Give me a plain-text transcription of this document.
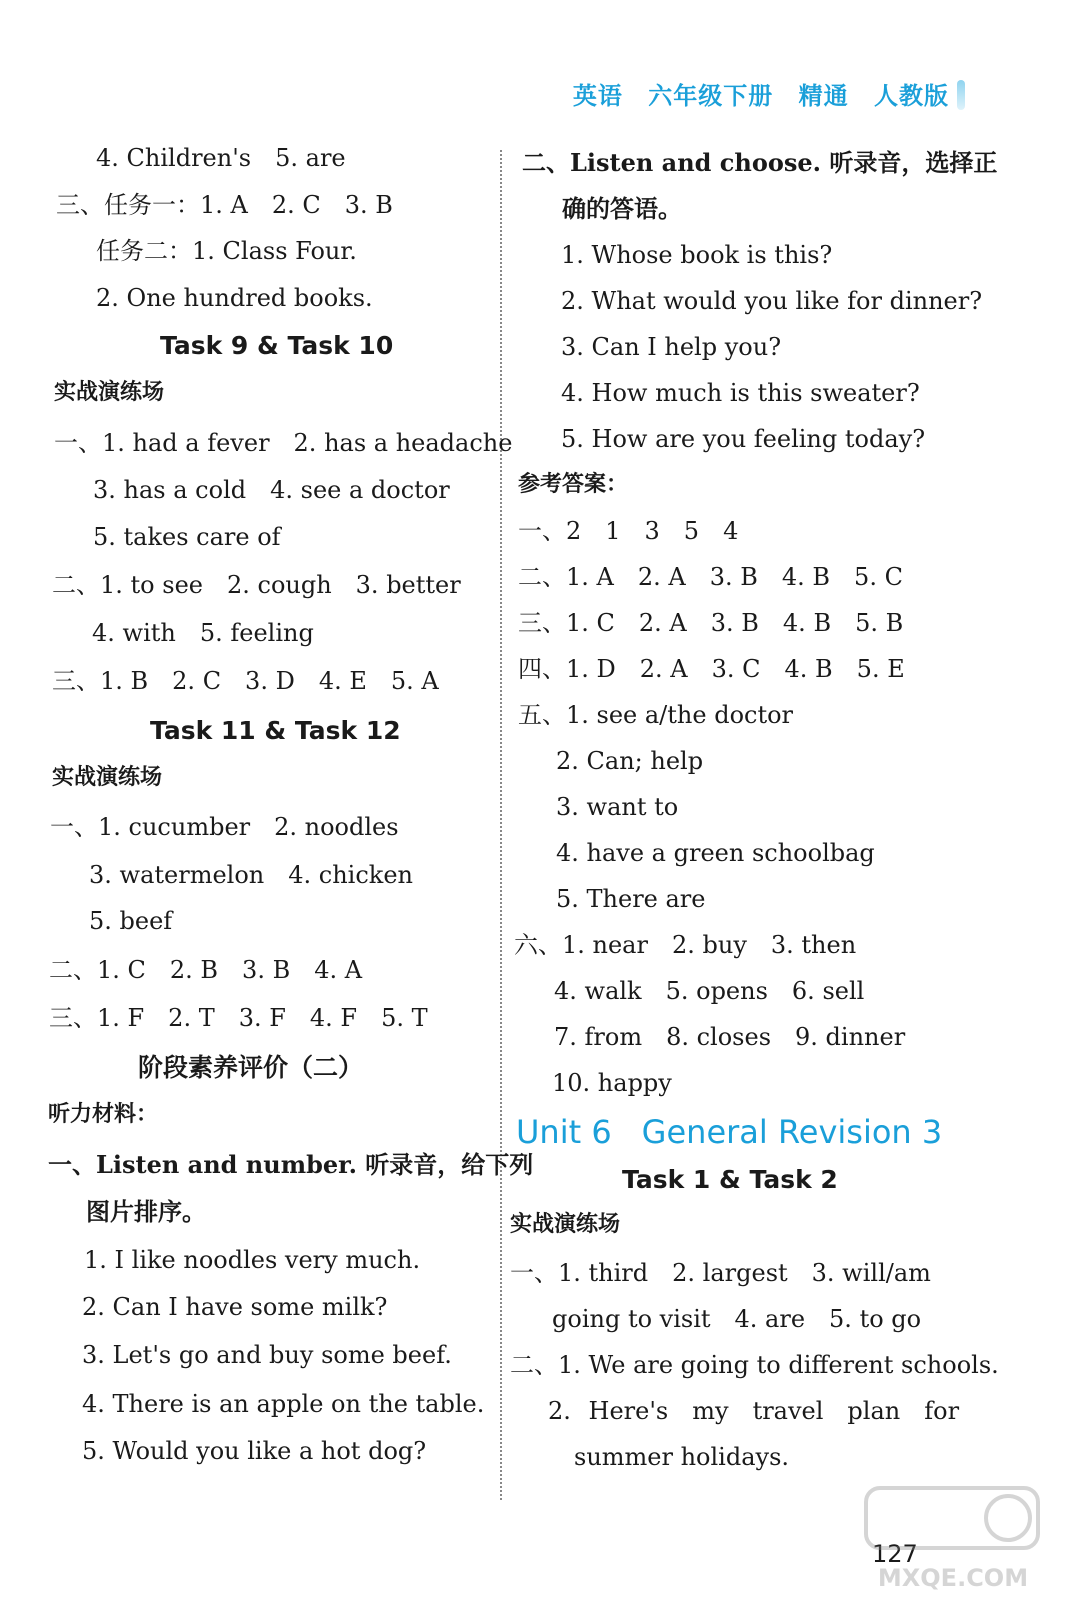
英语 六年级下册 精通 人教版
4. Children's　5. are
三、任务一：1. A　2. C　3. B
任务二：1. Class Four.
2. One hundred books.
Task 9 & Task 10
实战演练场
一、1. had a fever　2. has a headache
3. has a cold　4. see a doctor
5. takes care of
二、1. to see　2. cough　3. better
4. with　5. feeling
三、1. B　2. C　3. D　4. E　5. A
Task 11 & Task 12
实战演练场
一、1. cucumber　2. noodles
3. watermelon　4. chicken
5. beef
二、1. C　2. B　3. B　4. A
三、1. F　2. T　3. F　4. F　5. T
阶段素养评价（二）
听力材料：
一、Listen and number. 听录音，给下列
图片排序。
1. I like noodles very much.
2. Can I have some milk?
3. Let's go and buy some beef.
4. There is an apple on the table.
5. Would you like a hot dog?
二、Listen and choose. 听录音，选择正
确的答语。
1. Whose book is this?
2. What would you like for dinner?
3. Can I help you?
4. How much is this sweater?
5. How are you feeling today?
参考答案：
一、2　1　3　5　4
二、1. A　2. A　3. B　4. B　5. C
三、1. C　2. A　3. B　4. B　5. B
四、1. D　2. A　3. C　4. B　5. E
五、1. see a/the doctor
2. Can; help
3. want to
4. have a green schoolbag
5. There are
六、1. near　2. buy　3. then
4. walk　5. opens　6. sell
7. from　8. closes　9. dinner
10. happy
Unit 6 General Revision 3
Task 1 & Task 2
实战演练场
一、1. third　2. largest　3. will/am
going to visit　4. are　5. to go
二、1. We are going to different schools.
2. Here's　my　travel　plan　for
summer holidays.
127
MXQE.COM
